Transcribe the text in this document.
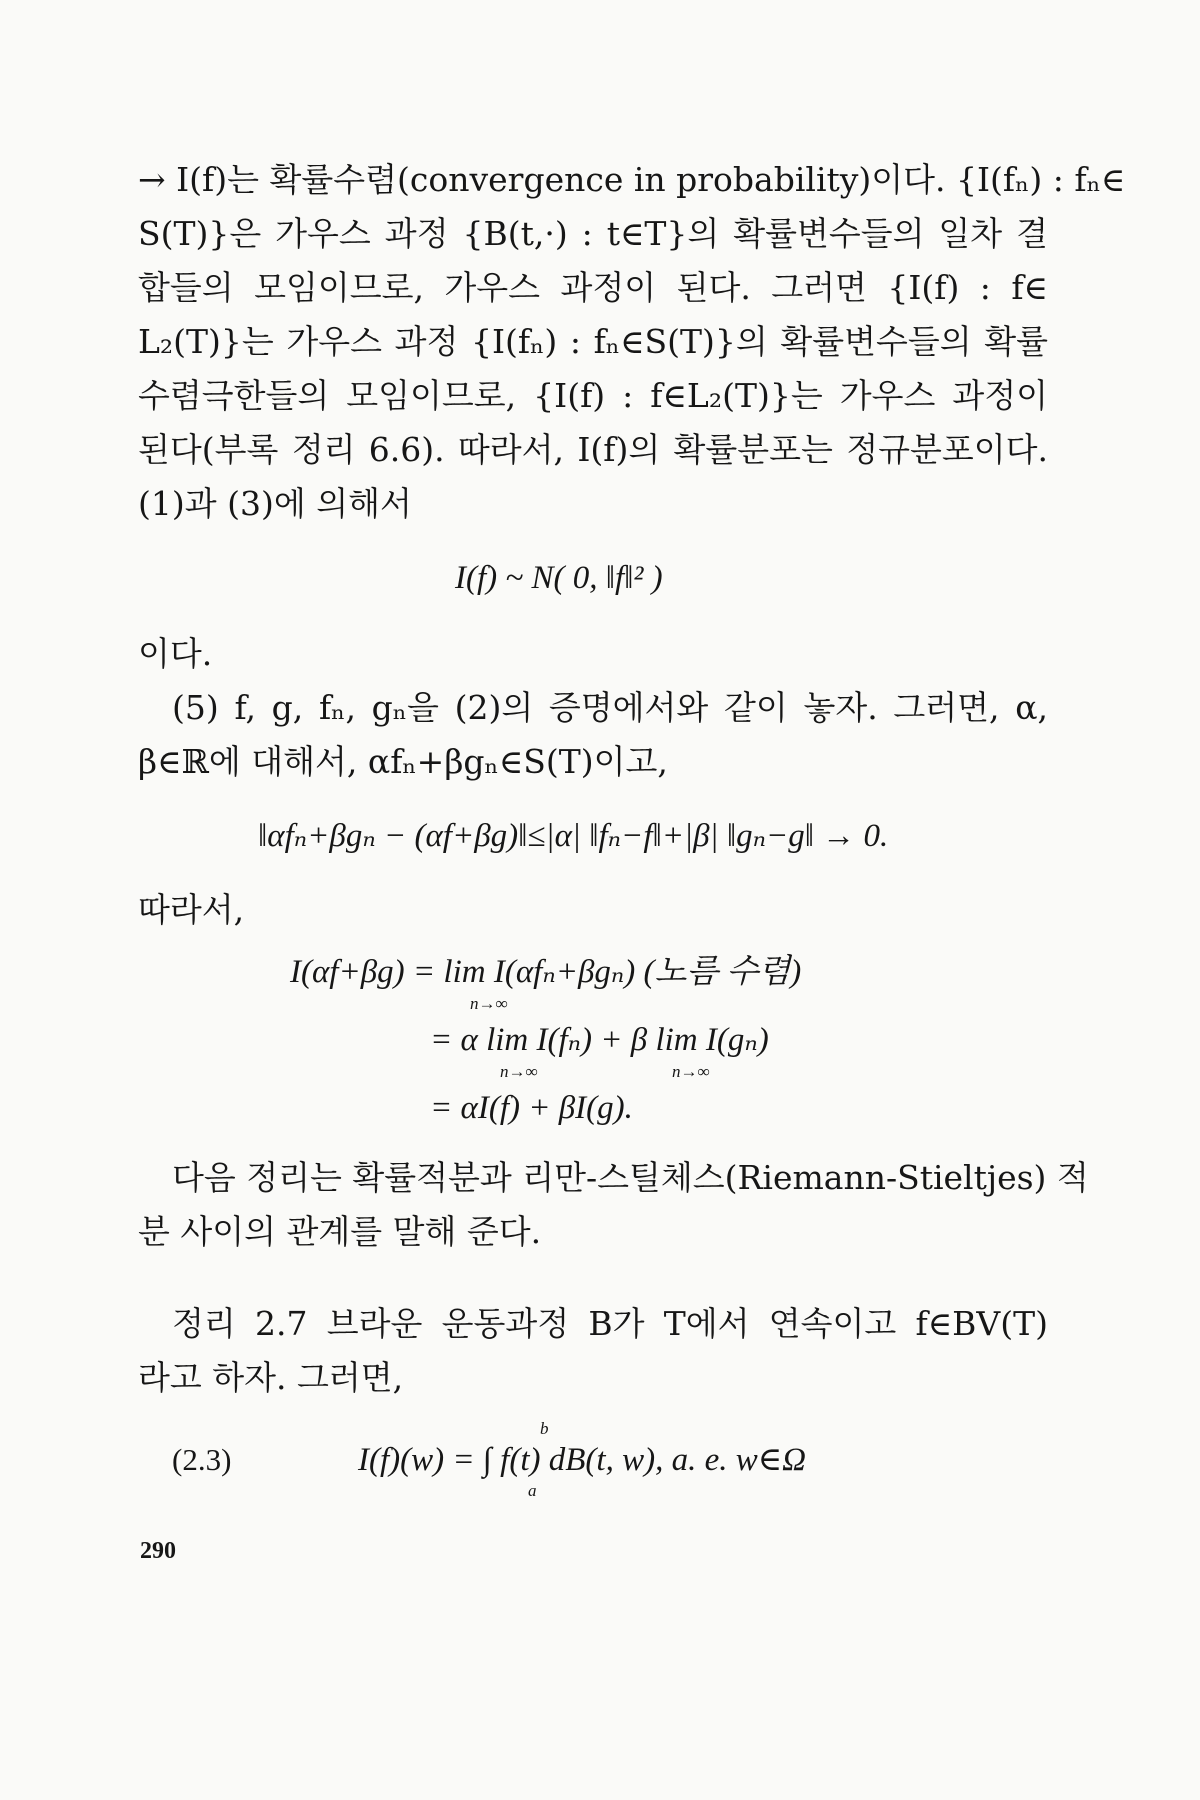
→ I(f)는 확률수렴(convergence in probability)이다. {I(fₙ) : fₙ∈
S(T)}은 가우스 과정 {B(t,·) : t∈T}의 확률변수들의 일차 결
합들의 모임이므로, 가우스 과정이 된다. 그러면 {I(f) : f∈
L₂(T)}는 가우스 과정 {I(fₙ) : fₙ∈S(T)}의 확률변수들의 확률
수렴극한들의 모임이므로, {I(f) : f∈L₂(T)}는 가우스 과정이
된다(부록 정리 6.6). 따라서, I(f)의 확률분포는 정규분포이다.
(1)과 (3)에 의해서
I(f) ~ N( 0, ‖f‖² )
이다.
(5) f, g, fₙ, gₙ을 (2)의 증명에서와 같이 놓자. 그러면, α,
β∈ℝ에 대해서, αfₙ+βgₙ∈S(T)이고,
‖αfₙ+βgₙ − (αf+βg)‖≤|α| ‖fₙ−f‖+|β| ‖gₙ−g‖ → 0.
따라서,
I(αf+βg) = lim I(αfₙ+βgₙ) (노름 수렴)
n→∞
= α lim I(fₙ) + β lim I(gₙ)
n→∞	n→∞
= αI(f) + βI(g).
다음 정리는 확률적분과 리만-스틸체스(Riemann-Stieltjes) 적
분 사이의 관계를 말해 준다.
정리 2.7 브라운 운동과정 B가 T에서 연속이고 f∈BV(T)
라고 하자. 그러면,
(2.3)	I(f)(w) = ∫ f(t) dB(t, w), a. e. w∈Ω
b
a
290
